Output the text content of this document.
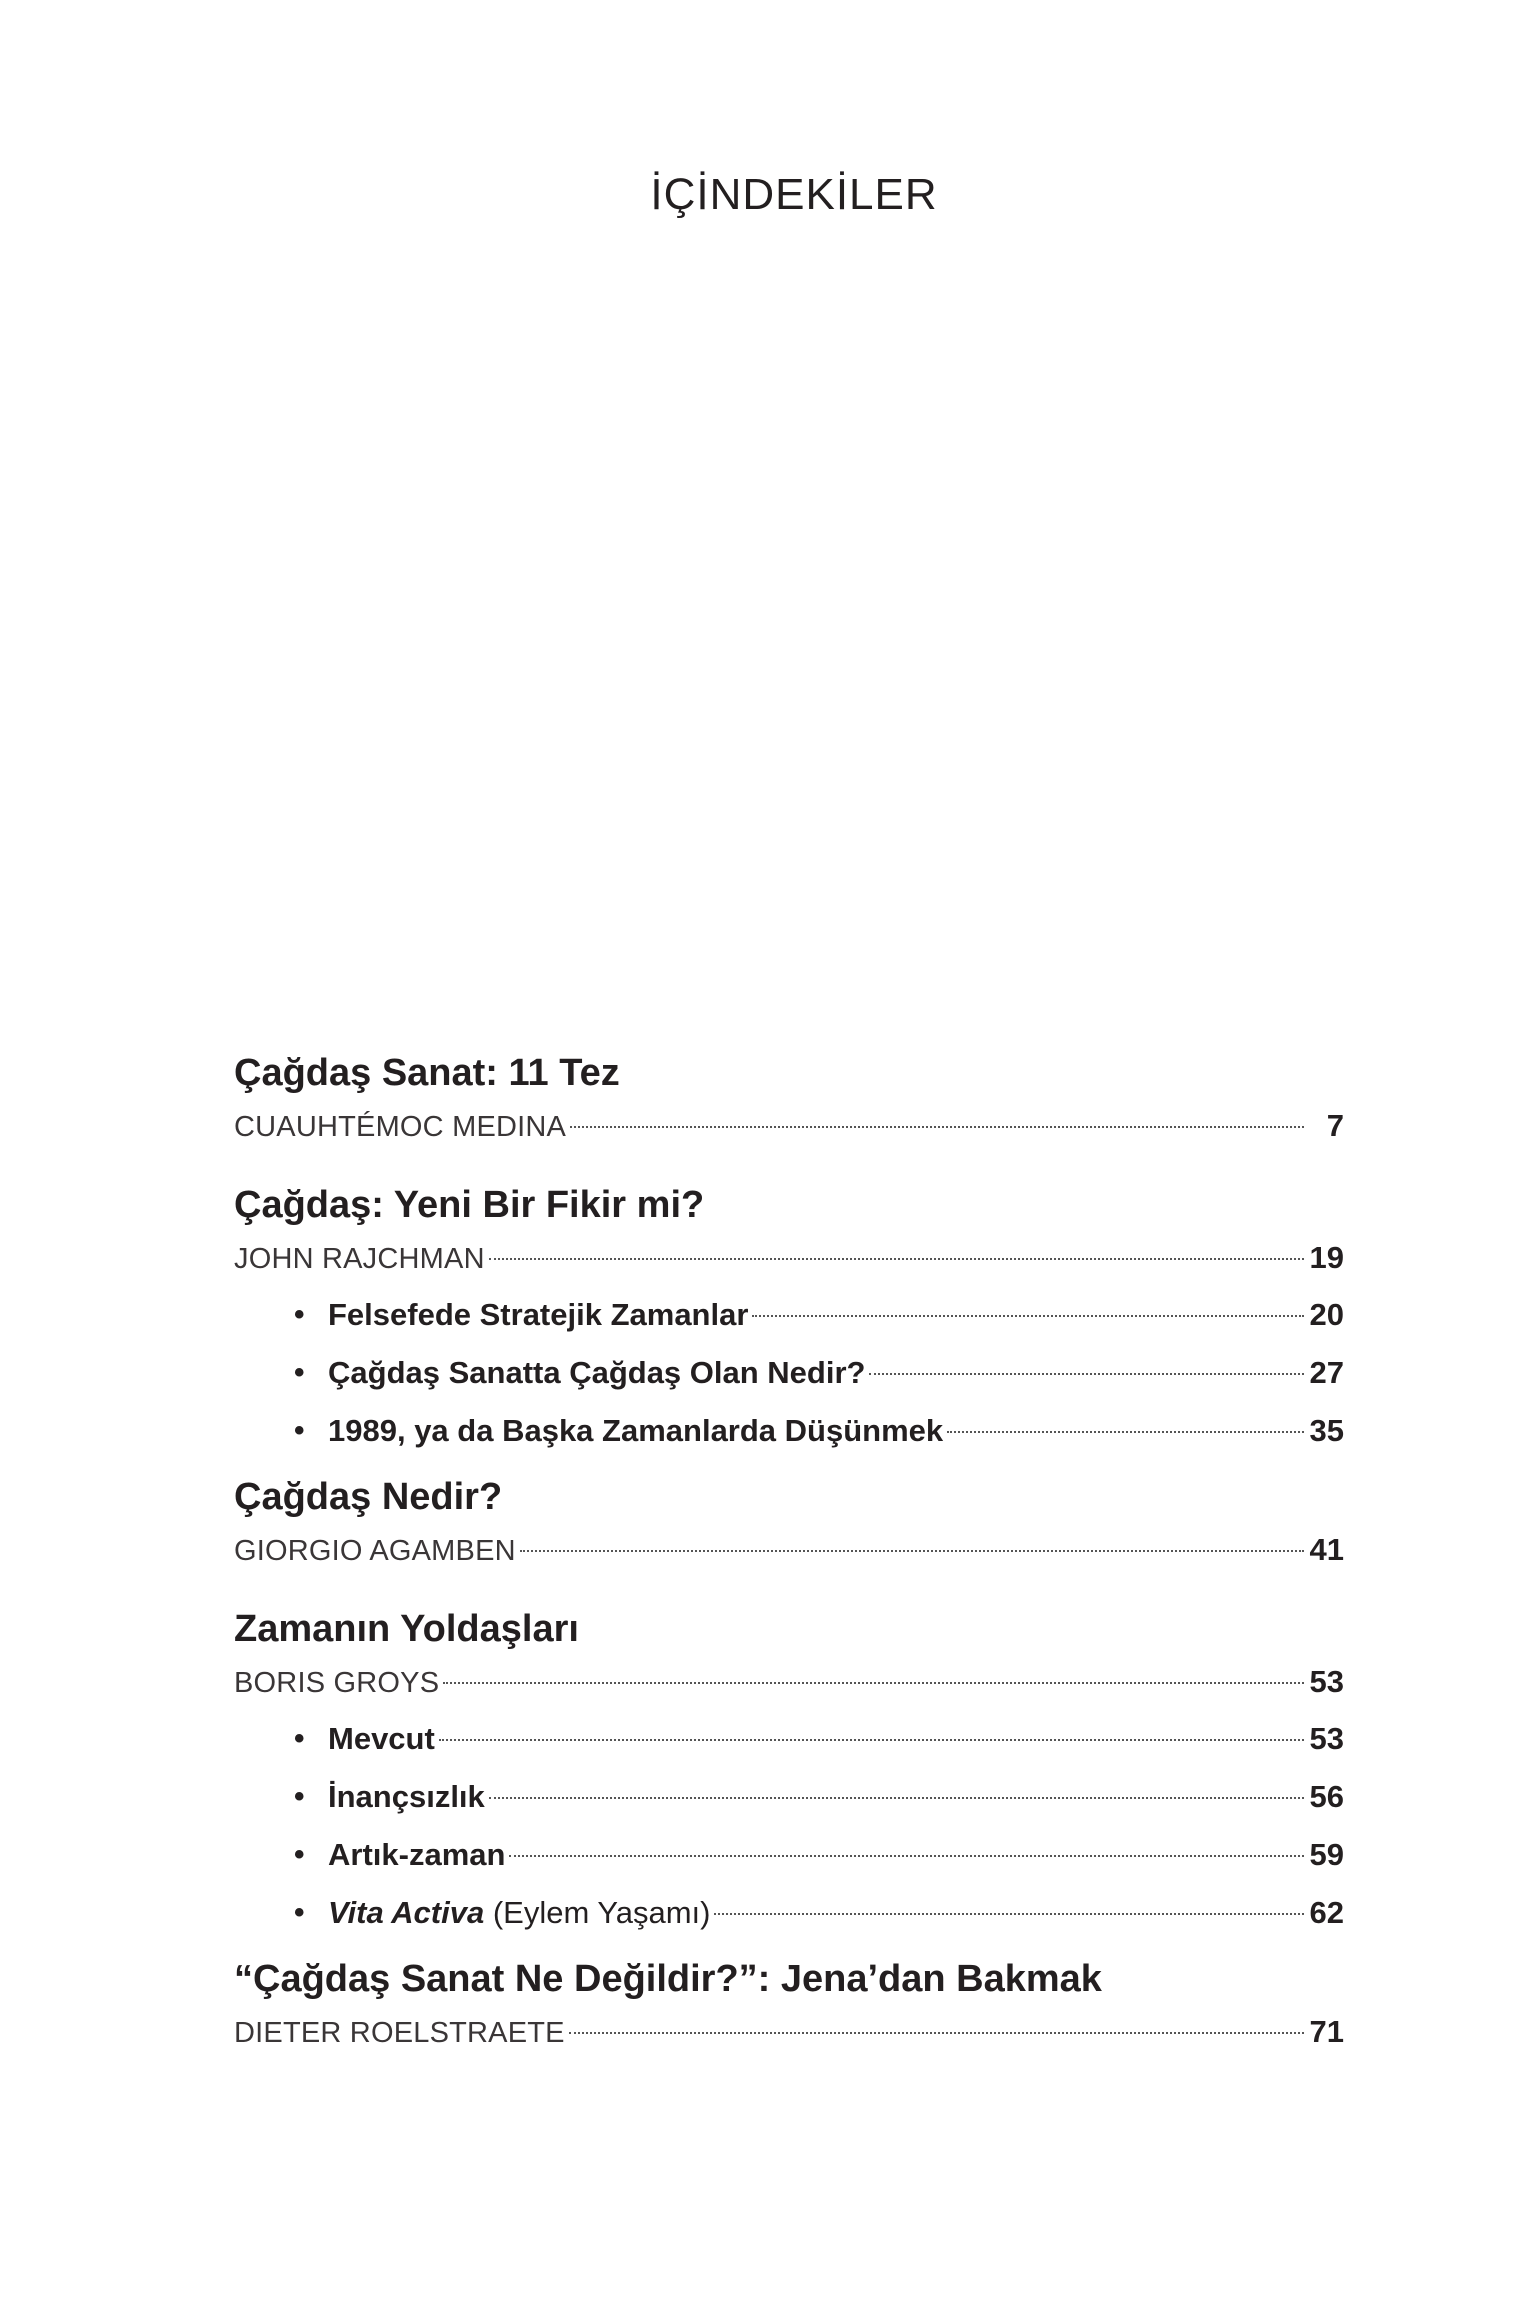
İÇİNDEKİLER
Çağdaş Sanat: 11 Tez
CUAUHTÉMOC MEDINA	7
Çağdaş: Yeni Bir Fikir mi?
JOHN RAJCHMAN	19
• Felsefede Stratejik Zamanlar	20
• Çağdaş Sanatta Çağdaş Olan Nedir?	27
• 1989, ya da Başka Zamanlarda Düşünmek	35
Çağdaş Nedir?
GIORGIO AGAMBEN	41
Zamanın Yoldaşları
BORIS GROYS	53
• Mevcut	53
• İnançsızlık	56
• Artık-zaman	59
• Vita Activa (Eylem Yaşamı)	62
“Çağdaş Sanat Ne Değildir?”: Jena’dan Bakmak
DIETER ROELSTRAETE	71
